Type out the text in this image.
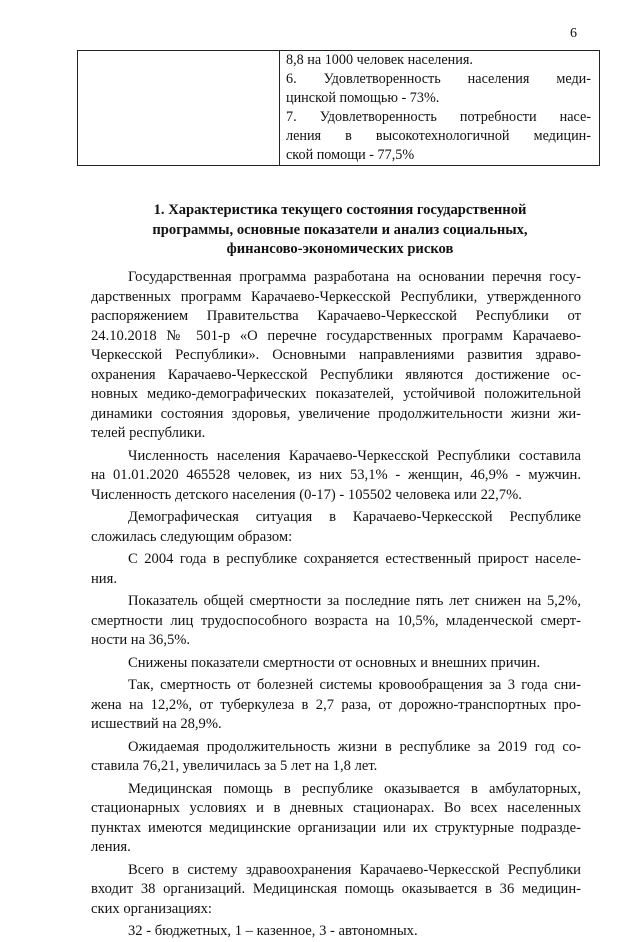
6

8,8 на 1000 человек населения.
6. Удовлетворенность населения меди-
цинской помощью - 73%.
7. Удовлетворенность потребности насе-
ления в высокотехнологичной медицин-
ской помощи - 77,5%
1. Характеристика текущего состояния государственной
программы, основные показатели и анализ социальных,
финансово-экономических рисков
Государственная программа разработана на основании перечня госу-
дарственных программ Карачаево-Черкесской Республики, утвержденного
распоряжением Правительства Карачаево-Черкесской Республики от
24.10.2018 № 501-р «О перечне государственных программ Карачаево-
Черкесской Республики». Основными направлениями развития здраво-
охранения Карачаево-Черкесской Республики являются достижение ос-
новных медико-демографических показателей, устойчивой положительной
динамики состояния здоровья, увеличение продолжительности жизни жи-
телей республики.
Численность населения Карачаево-Черкесской Республики составила
на 01.01.2020 465528 человек, из них 53,1% - женщин, 46,9% - мужчин.
Численность детского населения (0-17) - 105502 человека или 22,7%.
Демографическая ситуация в Карачаево-Черкесской Республике
сложилась следующим образом:
С 2004 года в республике сохраняется естественный прирост населе-
ния.
Показатель общей смертности за последние пять лет снижен на 5,2%,
смертности лиц трудоспособного возраста на 10,5%, младенческой смерт-
ности на 36,5%.
Снижены показатели смертности от основных и внешних причин.
Так, смертность от болезней системы кровообращения за 3 года сни-
жена на 12,2%, от туберкулеза в 2,7 раза, от дорожно-транспортных про-
исшествий на 28,9%.
Ожидаемая продолжительность жизни в республике за 2019 год со-
ставила 76,21, увеличилась за 5 лет на 1,8 лет.
Медицинская помощь в республике оказывается в амбулаторных,
стационарных условиях и в дневных стационарах. Во всех населенных
пунктах имеются медицинские организации или их структурные подразде-
ления.
Всего в систему здравоохранения Карачаево-Черкесской Республики
входит 38 организаций. Медицинская помощь оказывается в 36 медицин-
ских организациях:
32 - бюджетных, 1 – казенное, 3 - автономных.
